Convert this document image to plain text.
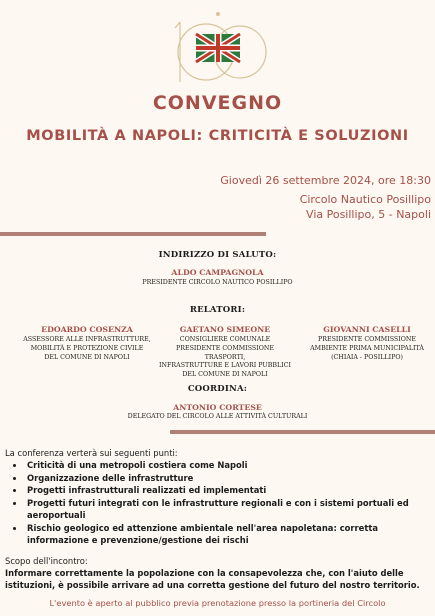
CONVEGNO
MOBILITÀ A NAPOLI: CRITICITÀ E SOLUZIONI
Giovedì 26 settembre 2024, ore 18:30
Circolo Nautico Posillipo
Via Posillipo, 5 - Napoli
INDIRIZZO DI SALUTO:
ALDO CAMPAGNOLA
PRESIDENTE CIRCOLO NAUTICO POSILLIPO
RELATORI:
EDOARDO COSENZA
ASSESSORE ALLE INFRASTRUTTURE,
MOBILITÀ E PROTEZIONE CIVILE
DEL COMUNE DI NAPOLI
GAETANO SIMEONE
CONSIGLIERE COMUNALE
PRESIDENTE COMMISSIONE TRASPORTI,
INFRASTRUTTURE E LAVORI PUBBLICI
DEL COMUNE DI NAPOLI
GIOVANNI CASELLI
PRESIDENTE COMMISSIONE
AMBIENTE PRIMA MUNICIPALITÀ
(CHIAIA - POSILLIPO)
COORDINA:
ANTONIO CORTESE
DELEGATO DEL CIRCOLO ALLE ATTIVITÀ CULTURALI

La conferenza verterà sui seguenti punti:

• Criticità di una metropoli costiera come Napoli
• Organizzazione delle infrastrutture
• Progetti infrastrutturali realizzati ed implementati
• Progetti futuri integrati con le infrastrutture regionali e con i sistemi portuali ed aeroportuali
• Rischio geologico ed attenzione ambientale nell'area napoletana: corretta informazione e prevenzione/gestione dei rischi

Scopo dell'incontro:

Informare correttamente la popolazione con la consapevolezza che, con l'aiuto delle istituzioni, è possibile arrivare ad una corretta gestione del futuro del nostro territorio.

L'evento è aperto al pubblico previa prenotazione presso la portineria del Circolo
